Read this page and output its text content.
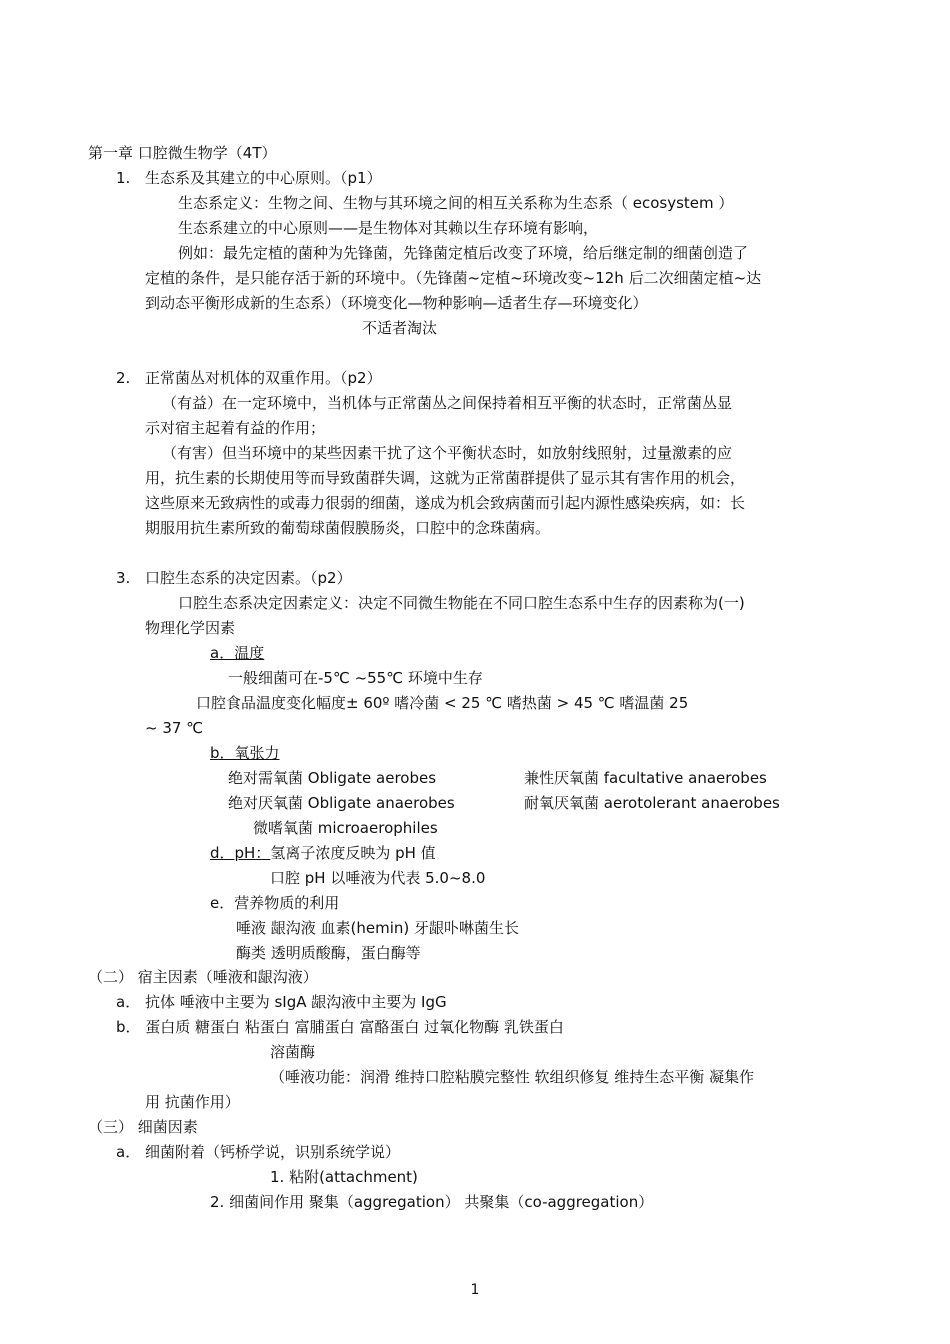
第一章 口腔微生物学（4T）
1. 生态系及其建立的中心原则。（p1）
生态系定义：生物之间、生物与其环境之间的相互关系称为生态系（ ecosystem ）
生态系建立的中心原则——是生物体对其赖以生存环境有影响，
例如：最先定植的菌种为先锋菌，先锋菌定植后改变了环境，给后继定制的细菌创造了
定植的条件，是只能存活于新的环境中。（先锋菌~定植~环境改变~12h 后二次细菌定植~达
到动态平衡形成新的生态系）（环境变化—物种影响—适者生存—环境变化）
不适者淘汰
2. 正常菌丛对机体的双重作用。（p2）
（有益）在一定环境中，当机体与正常菌丛之间保持着相互平衡的状态时，正常菌丛显
示对宿主起着有益的作用；
（有害）但当环境中的某些因素干扰了这个平衡状态时，如放射线照射，过量激素的应
用，抗生素的长期使用等而导致菌群失调，这就为正常菌群提供了显示其有害作用的机会，
这些原来无致病性的或毒力很弱的细菌，遂成为机会致病菌而引起内源性感染疾病，如：长
期服用抗生素所致的葡萄球菌假膜肠炎，口腔中的念珠菌病。
3. 口腔生态系的决定因素。（p2）
口腔生态系决定因素定义：决定不同微生物能在不同口腔生态系中生存的因素称为(一)
物理化学因素
a．温度
一般细菌可在-5℃ ~55℃ 环境中生存
口腔食品温度变化幅度± 60º 嗜冷菌 < 25 ℃ 嗜热菌 > 45 ℃ 嗜温菌 25
~ 37 ℃
b．氧张力
绝对需氧菌 Obligate aerobes	兼性厌氧菌 facultative anaerobes
绝对厌氧菌 Obligate anaerobes	耐氧厌氧菌 aerotolerant anaerobes
微嗜氧菌 microaerophiles
d．pH：氢离子浓度反映为 pH 值
口腔 pH 以唾液为代表 5.0~8.0
e．营养物质的利用
唾液 龈沟液 血素(hemin) 牙龈卟啉菌生长
酶类 透明质酸酶，蛋白酶等
（二） 宿主因素（唾液和龈沟液）
a． 抗体 唾液中主要为 sIgA 龈沟液中主要为 IgG
b． 蛋白质 糖蛋白 粘蛋白 富脯蛋白 富酪蛋白 过氧化物酶 乳铁蛋白
溶菌酶
（唾液功能：润滑 维持口腔粘膜完整性 软组织修复 维持生态平衡 凝集作
用 抗菌作用）
（三） 细菌因素
a． 细菌附着（钙桥学说，识别系统学说）
1. 粘附(attachment)
2. 细菌间作用 聚集（aggregation） 共聚集（co-aggregation）
1
